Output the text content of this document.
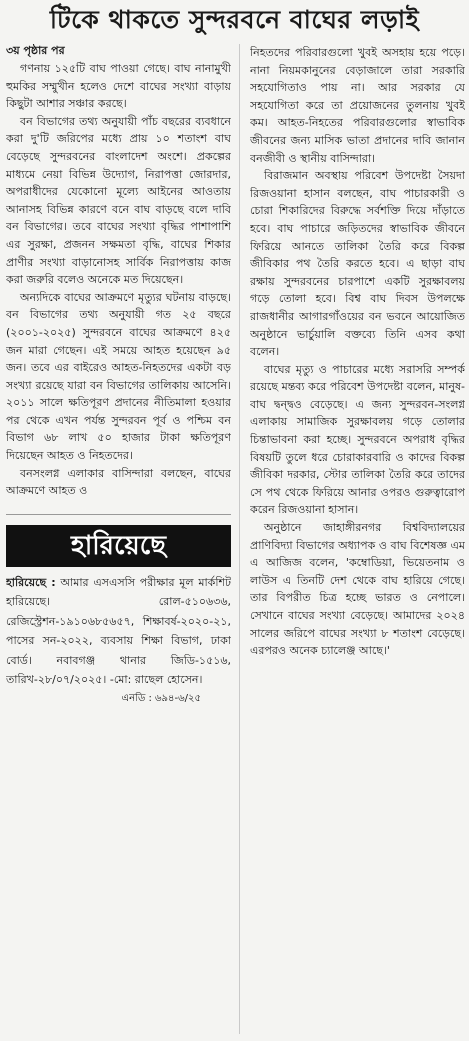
টিকে থাকতে সুন্দরবনে বাঘের লড়াই
৩য় পৃষ্ঠার পর

গণনায় ১২৫টি বাঘ পাওয়া গেছে। বাঘ নানামুখী হুমকির সম্মুখীন হলেও দেশে বাঘের সংখ্যা বাড়ায় কিছুটা আশার সঞ্চার করছে।

বন বিভাগের তথ্য অনুযায়ী পাঁচ বছরের ব্যবধানে করা দু'টি জরিপের মধ্যে প্রায় ১০ শতাংশ বাঘ বেড়েছে সুন্দরবনের বাংলাদেশ অংশে। প্রকল্পের মাধ্যমে নেয়া বিভিন্ন উদ্যোগ, নিরাপত্তা জোরদার, অপরাধীদের যেকোনো মূল্যে আইনের আওতায় আনাসহ বিভিন্ন কারণে বনে বাঘ বাড়ছে বলে দাবি বন বিভাগের। তবে বাঘের সংখ্যা বৃদ্ধির পাশাপাশি এর সুরক্ষা, প্রজনন সক্ষমতা বৃদ্ধি, বাঘের শিকার প্রাণীর সংখ্যা বাড়ানোসহ সার্বিক নিরাপত্তায় কাজ করা জরুরি বলেও অনেকে মত দিয়েছেন।

অন্যদিকে বাঘের আক্রমণে মৃত্যুর ঘটনায় বাড়ছে। বন বিভাগের তথ্য অনুযায়ী গত ২৫ বছরে (২০০১-২০২৫) সুন্দরবনে বাঘের আক্রমণে ৪২৫ জন মারা গেছেন। এই সময়ে আহত হয়েছেন ৯৫ জন। তবে এর বাইরেও আহত-নিহতদের একটা বড় সংখ্যা রয়েছে যারা বন বিভাগের তালিকায় আসেনি। ২০১১ সালে ক্ষতিপূরণ প্রদানের নীতিমালা হওয়ার পর থেকে এখন পর্যন্ত সুন্দরবন পূর্ব ও পশ্চিম বন বিভাগ ৬৮ লাখ ৫০ হাজার টাকা ক্ষতিপূরণ দিয়েছেন আহত ও নিহতদের।

বনসংলগ্ন এলাকার বাসিন্দারা বলছেন, বাঘের আক্রমণে আহত ও

হারিয়েছে

হারিয়েছে : আমার এসএসসি পরীক্ষার মূল মার্কশিট হারিয়েছে। রোল-৫১০৬৩৬, রেজিস্ট্রেশন-১৯১০৬৮৫৬৫৭, শিক্ষাবর্ষ-২০২০-২১, পাসের সন-২০২২, ব্যবসায় শিক্ষা বিভাগ, ঢাকা বোর্ড। নবাবগঞ্জ থানার জিডি-১৫১৬, তারিখ-২৮/০৭/২০২৫। -মো: রাছেল হোসেন।

এনডি : ৬৯৪-৬/২৫

নিহতদের পরিবারগুলো খুবই অসহায় হয়ে পড়ে। নানা নিয়মকানুনের বেড়াজালে তারা সরকারি সহযোগিতাও পায় না। আর সরকার যে সহযোগিতা করে তা প্রয়োজনের তুলনায় খুবই কম। আহত-নিহতের পরিবারগুলোর স্বাভাবিক জীবনের জন্য মাসিক ভাতা প্রদানের দাবি জানান বনজীবী ও স্থানীয় বাসিন্দারা।

বিরাজমান অবস্থায় পরিবেশ উপদেষ্টা সৈয়দা রিজওয়ানা হাসান বলছেন, বাঘ পাচারকারী ও চোরা শিকারিদের বিরুদ্ধে সর্বশক্তি দিয়ে দাঁড়াতে হবে। বাঘ পাচারে জড়িতদের স্বাভাবিক জীবনে ফিরিয়ে আনতে তালিকা তৈরি করে বিকল্প জীবিকার পথ তৈরি করতে হবে। এ ছাড়া বাঘ রক্ষায় সুন্দরবনের চারপাশে একটি সুরক্ষাবলয় গড়ে তোলা হবে। বিশ্ব বাঘ দিবস উপলক্ষে রাজধানীর আগারগাঁওয়ের বন ভবনে আয়োজিত অনুষ্ঠানে ভার্চুয়ালি বক্তব্যে তিনি এসব কথা বলেন।

বাঘের মৃত্যু ও পাচারের মধ্যে সরাসরি সম্পর্ক রয়েছে মন্তব্য করে পরিবেশ উপদেষ্টা বলেন, মানুষ-বাঘ দ্বন্দ্বও বেড়েছে। এ জন্য সুন্দরবন-সংলগ্ন এলাকায় সামাজিক সুরক্ষাবলয় গড়ে তোলার চিন্তাভাবনা করা হচ্ছে। সুন্দরবনে অপরাধ বৃদ্ধির বিষয়টি তুলে ধরে চোরাকারবারি ও কাদের বিকল্প জীবিকা দরকার, স্টোর তালিকা তৈরি করে তাদের সে পথ থেকে ফিরিয়ে আনার ওপরও গুরুত্বারোপ করেন রিজওয়ানা হাসান।

অনুষ্ঠানে জাহাঙ্গীরনগর বিশ্ববিদ্যালয়ের প্রাণিবিদ্যা বিভাগের অধ্যাপক ও বাঘ বিশেষজ্ঞ এম এ আজিজ বলেন, 'কম্বোডিয়া, ভিয়েতনাম ও লাউস এ তিনটি দেশ থেকে বাঘ হারিয়ে গেছে। তার বিপরীত চিত্র হচ্ছে ভারত ও নেপালে। সেখানে বাঘের সংখ্যা বেড়েছে। আমাদের ২০২৪ সালের জরিপে বাঘের সংখ্যা ৮ শতাংশ বেড়েছে। এরপরও অনেক চ্যালেঞ্জ আছে।'
